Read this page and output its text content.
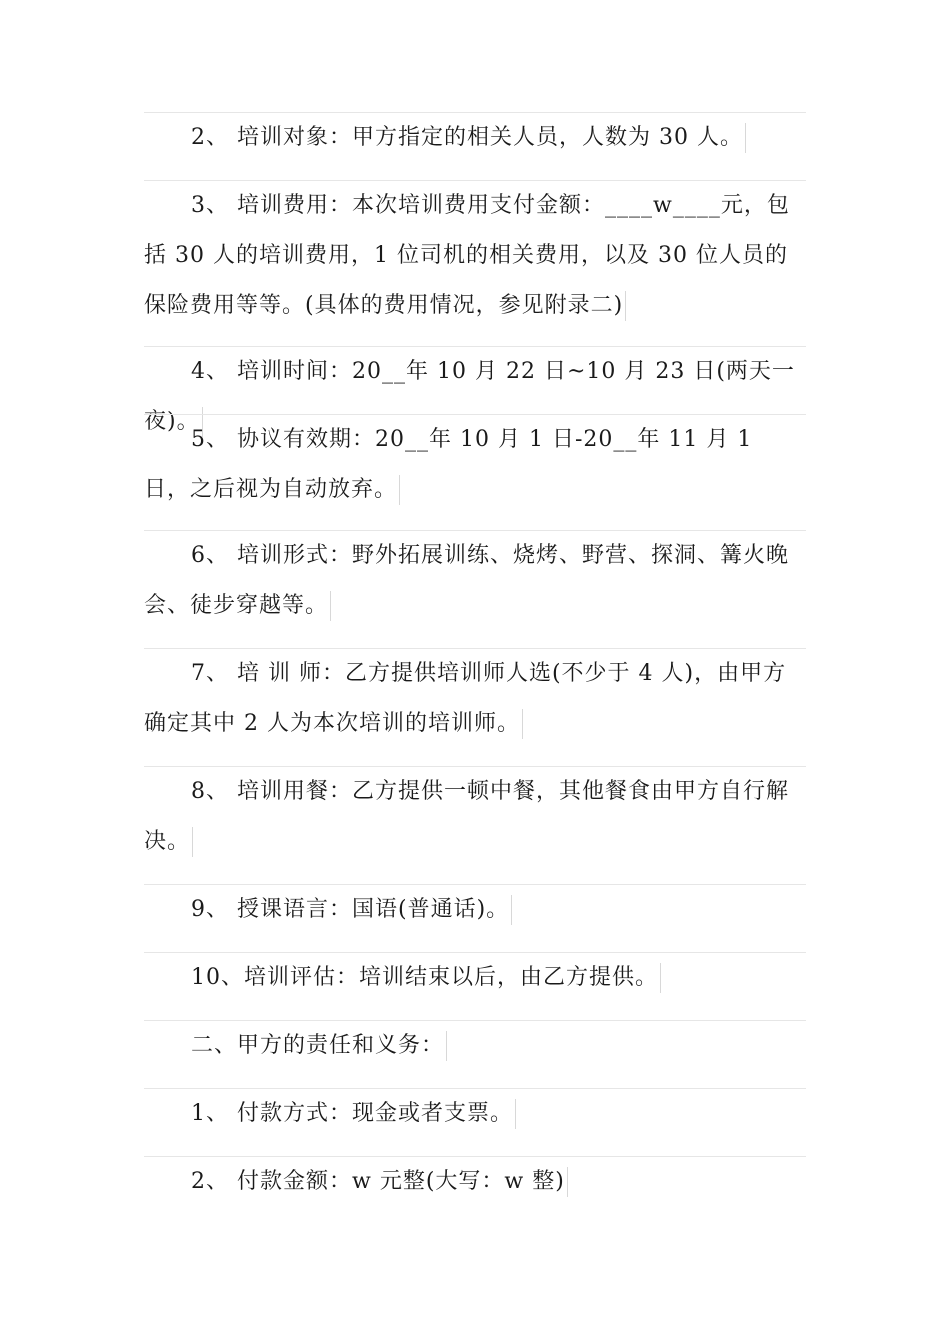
2、 培训对象：甲方指定的相关人员，人数为 30 人。

3、 培训费用：本次培训费用支付金额：____w____元，包括 30 人的培训费用，1 位司机的相关费用，以及 30 位人员的保险费用等等。(具体的费用情况，参见附录二)

4、 培训时间：20__年 10 月 22 日~10 月 23 日(两天一夜)。

5、 协议有效期：20__年 10 月 1 日-20__年 11 月 1 日，之后视为自动放弃。

6、 培训形式：野外拓展训练、烧烤、野营、探洞、篝火晚会、徒步穿越等。

7、 培 训 师：乙方提供培训师人选(不少于 4 人)，由甲方确定其中 2 人为本次培训的培训师。

8、 培训用餐：乙方提供一顿中餐，其他餐食由甲方自行解决。

9、 授课语言：国语(普通话)。

10、培训评估：培训结束以后，由乙方提供。

二、甲方的责任和义务：

1、 付款方式：现金或者支票。

2、 付款金额：w 元整(大写：w 整)
